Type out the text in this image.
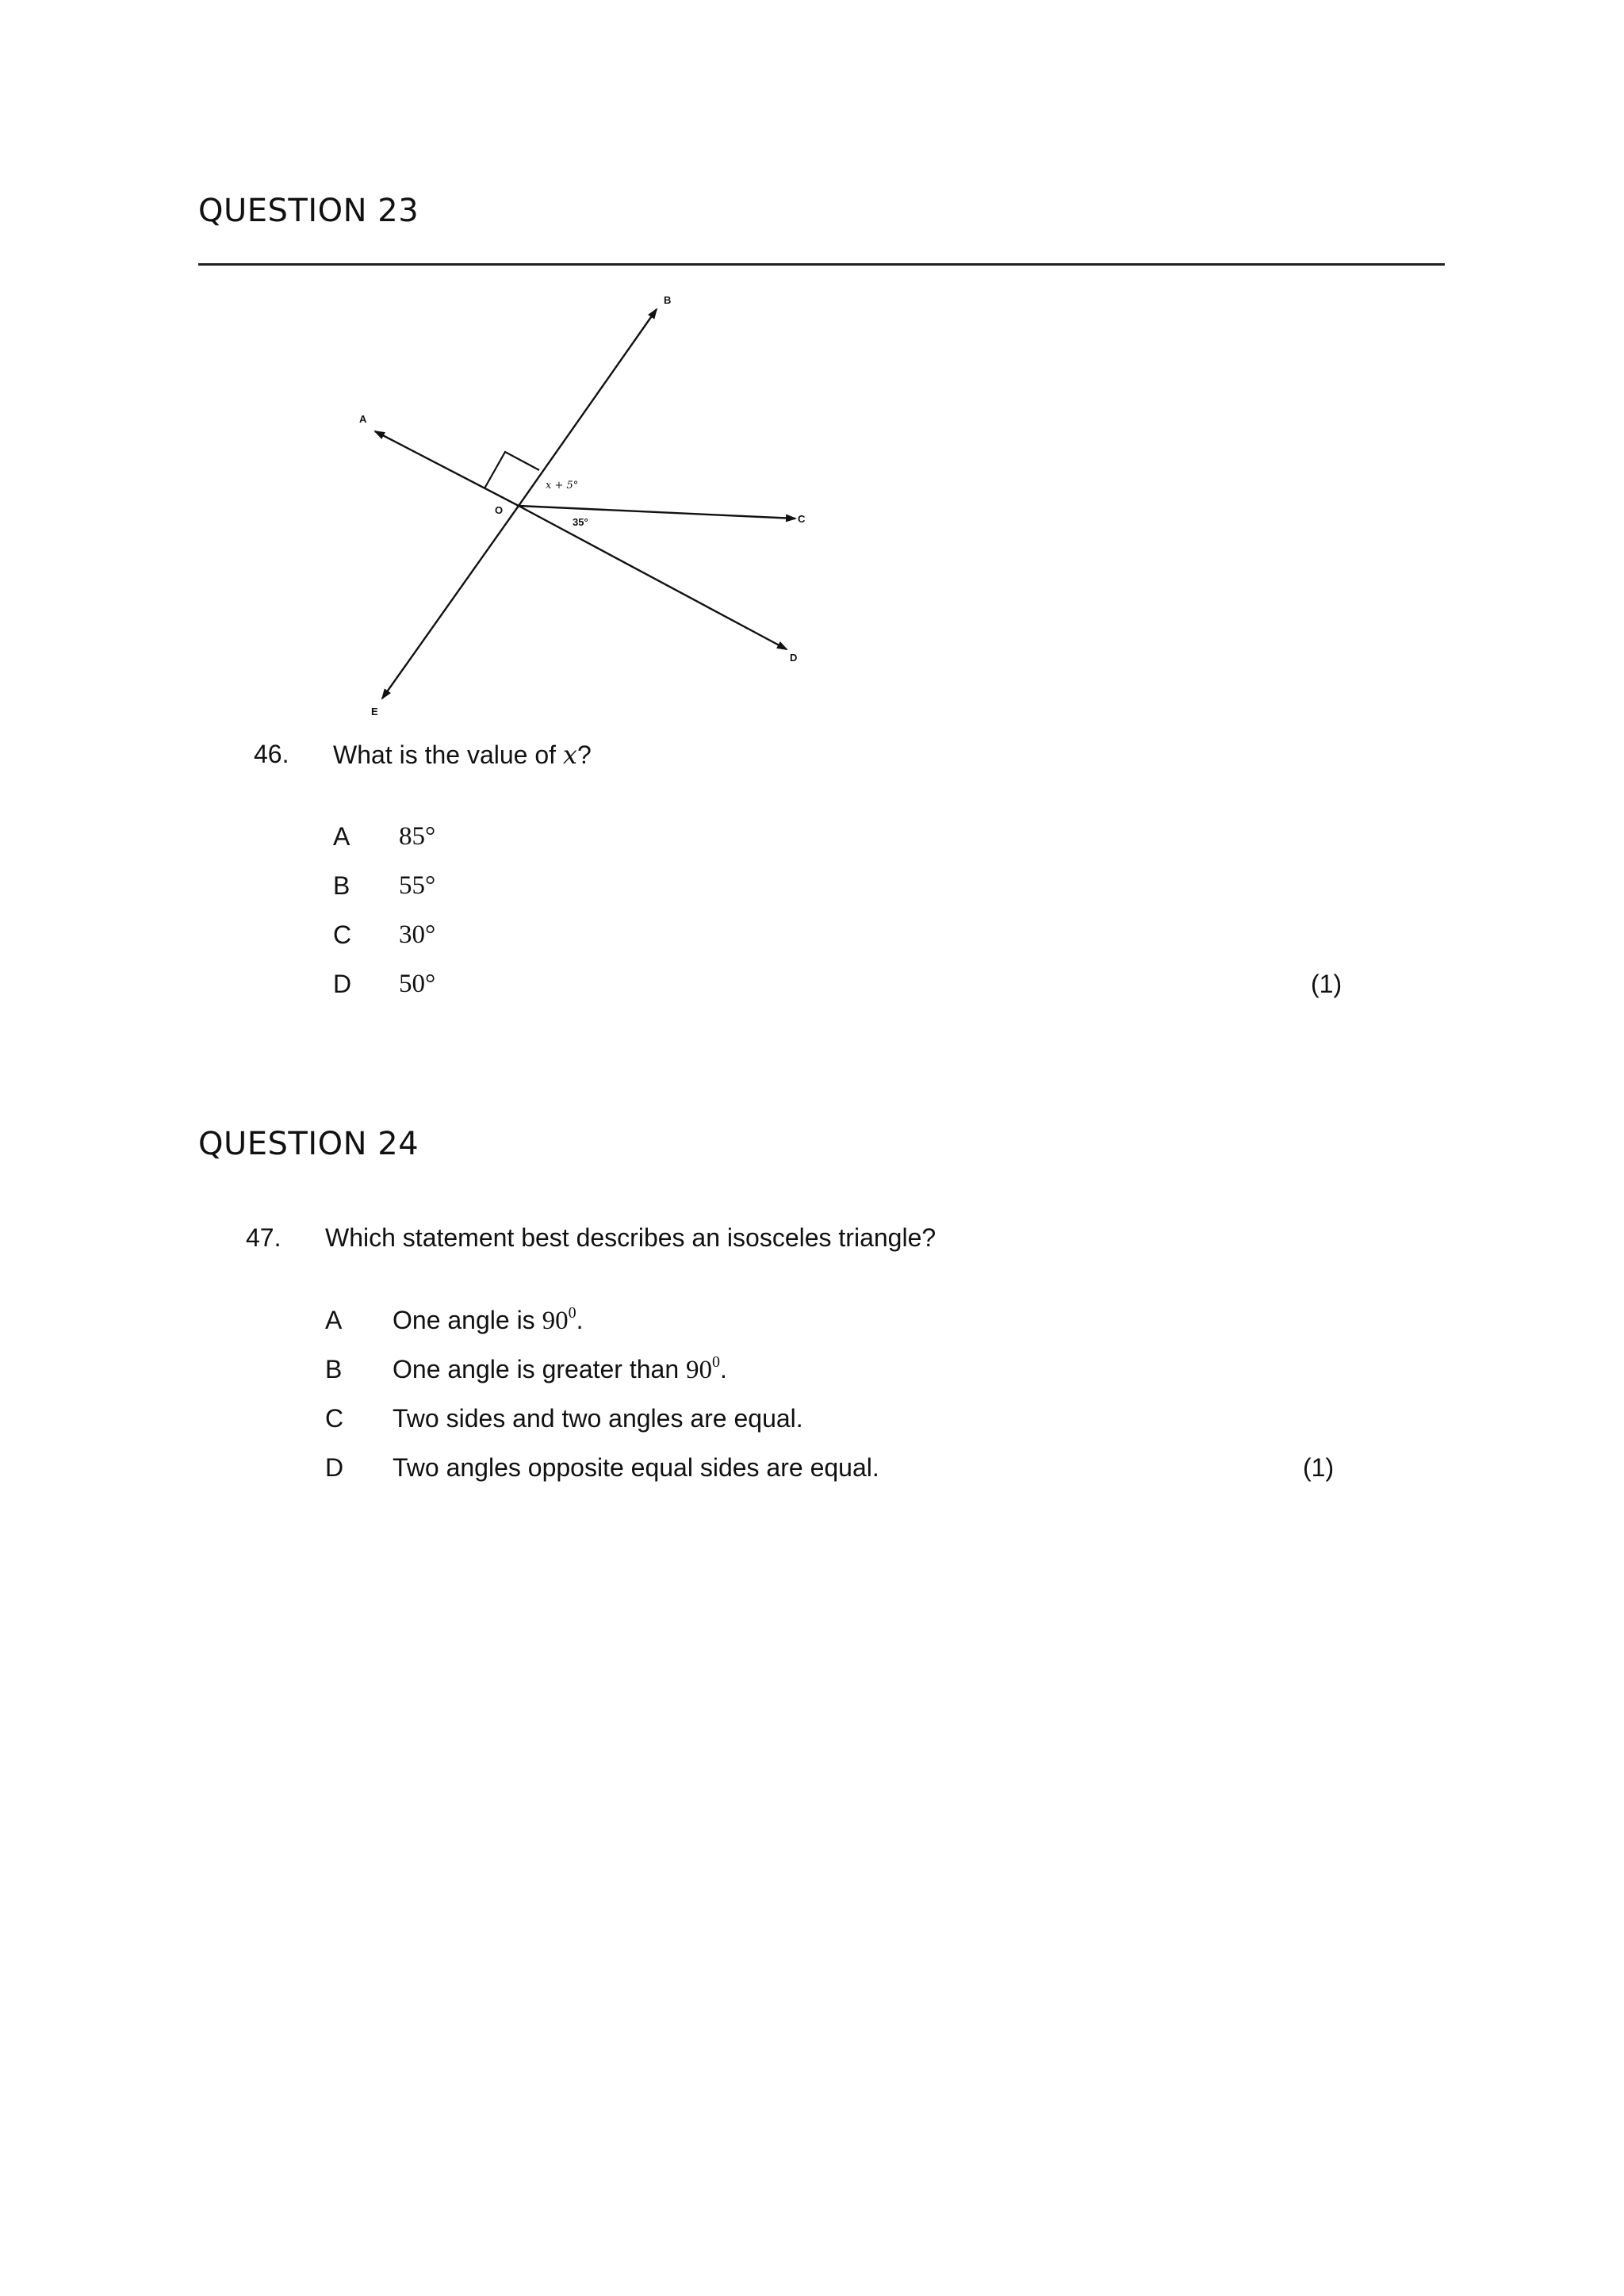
QUESTION 23
A
B
C
D
E
O
x + 5°
35°
46. What is the value of x?
A 85°
B 55°
C 30°
D 50°	(1)
QUESTION 24
47. Which statement best describes an isosceles triangle?
A One angle is $90^0$.
B One angle is greater than $90^0$.
C Two sides and two angles are equal.
D Two angles opposite equal sides are equal.	(1)
